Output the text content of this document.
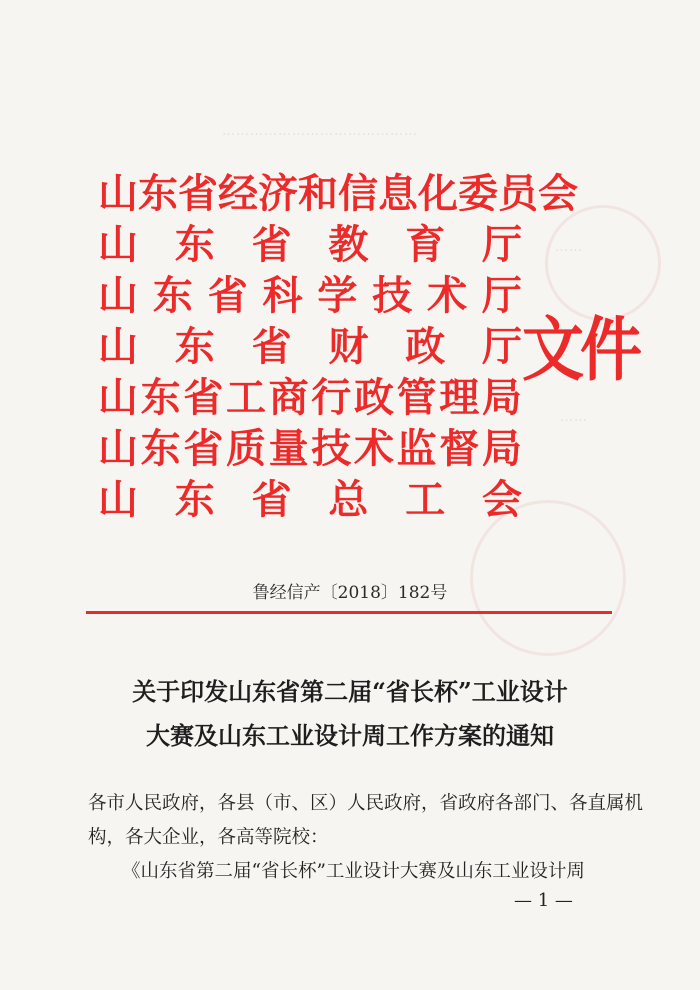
……………………………………
……
……
山 东 省 经 济 和 信 息 化 委 员 会
山 东 省 教 育 厅
山 东 省 科 学 技 术 厅
山 东 省 财 政 厅
山 东 省 工 商 行 政 管 理 局
山 东 省 质 量 技 术 监 督 局
山 东 省 总 工 会
文件
鲁经信产〔2018〕182号
关于印发山东省第二届“省长杯”工业设计
大赛及山东工业设计周工作方案的通知
各市人民政府，各县（市、区）人民政府，省政府各部门、各直属机
构，各大企业，各高等院校：
《山东省第二届“省长杯”工业设计大赛及山东工业设计周
— 1 —
